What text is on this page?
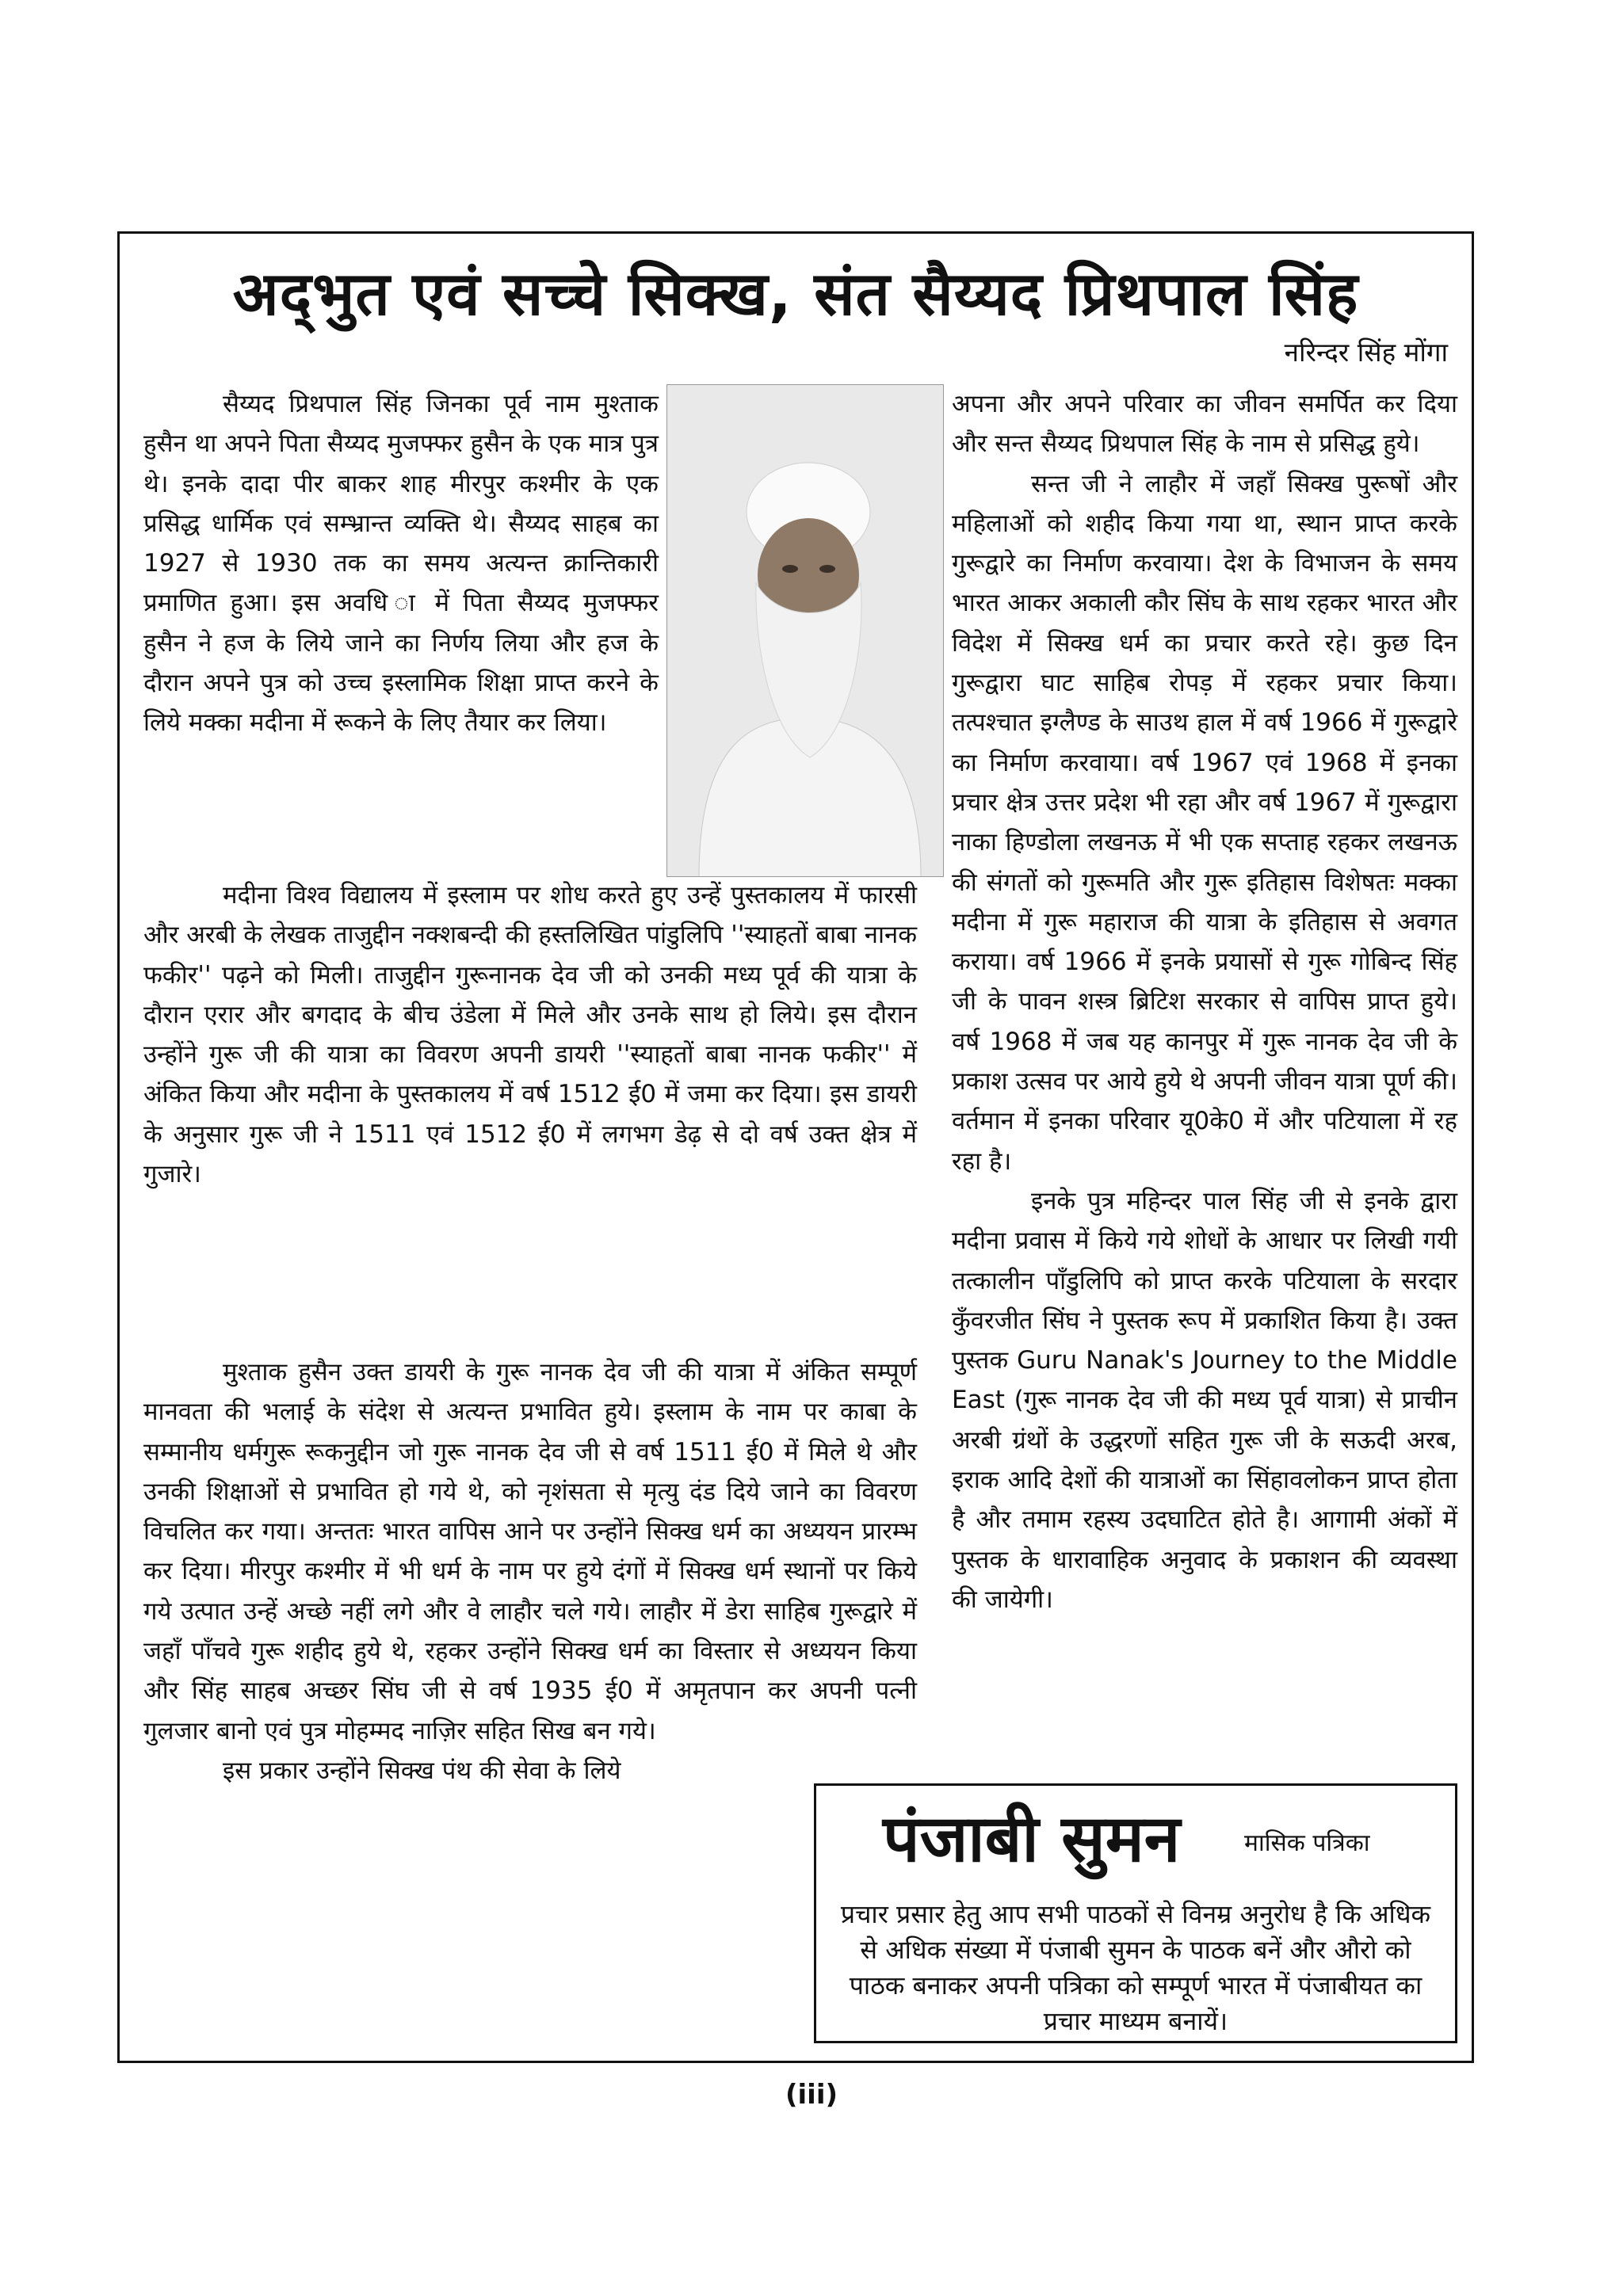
अद्‍भुत एवं सच्चे सिक्ख, संत सैय्यद प्रिथपाल सिंह

नरिन्दर सिंह मोंगा

सैय्यद प्रिथपाल सिंह जिनका पूर्व नाम मुश्ताक हुसैन था अपने पिता सैय्यद मुजफ्फर हुसैन के एक मात्र पुत्र थे। इनके दादा पीर बाकर शाह मीरपुर कश्मीर के एक प्रसिद्ध धार्मिक एवं सम्भ्रान्त व्यक्ति थे। सैय्यद साहब का 1927 से 1930 तक का समय अत्यन्त क्रान्तिकारी प्रमाणित हुआ। इस अवधि ा में पिता सैय्यद मुजफ्फर हुसैन ने हज के लिये जाने का निर्णय लिया और हज के दौरान अपने पुत्र को उच्च इस्लामिक शिक्षा प्राप्त करने के लिये मक्का मदीना में रूकने के लिए तैयार कर लिया।

मदीना विश्व विद्यालय में इस्लाम पर शोध करते हुए उन्हें पुस्तकालय में फारसी और अरबी के लेखक ताजुद्दीन नक्शबन्दी की हस्तलिखित पांडुलिपि ''स्याहतों बाबा नानक फकीर'' पढ़ने को मिली। ताजुद्दीन गुरूनानक देव जी को उनकी मध्य पूर्व की यात्रा के दौरान एरार और बगदाद के बीच उंडेला में मिले और उनके साथ हो लिये। इस दौरान उन्होंने गुरू जी की यात्रा का विवरण अपनी डायरी ''स्याहतों बाबा नानक फकीर'' में अंकित किया और मदीना के पुस्तकालय में वर्ष 1512 ई0 में जमा कर दिया। इस डायरी के अनुसार गुरू जी ने 1511 एवं 1512 ई0 में लगभग डेढ़ से दो वर्ष उक्त क्षेत्र में गुजारे।

मुश्ताक हुसैन उक्त डायरी के गुरू नानक देव जी की यात्रा में अंकित सम्पूर्ण मानवता की भलाई के संदेश से अत्यन्त प्रभावित हुये। इस्लाम के नाम पर काबा के सम्मानीय धर्मगुरू रूकनुद्दीन जो गुरू नानक देव जी से वर्ष 1511 ई0 में मिले थे और उनकी शिक्षाओं से प्रभावित हो गये थे, को नृशंसता से मृत्यु दंड दिये जाने का विवरण विचलित कर गया। अन्ततः भारत वापिस आने पर उन्होंने सिक्ख धर्म का अध्ययन प्रारम्भ कर दिया। मीरपुर कश्मीर में भी धर्म के नाम पर हुये दंगों में सिक्ख धर्म स्थानों पर किये गये उत्पात उन्हें अच्छे नहीं लगे और वे लाहौर चले गये। लाहौर में डेरा साहिब गुरूद्वारे में जहाँ पाँचवे गुरू शहीद हुये थे, रहकर उन्होंने सिक्ख धर्म का विस्तार से अध्ययन किया और सिंह साहब अच्छर सिंघ जी से वर्ष 1935 ई0 में अमृतपान कर अपनी पत्नी गुलजार बानो एवं पुत्र मोहम्मद नाज़िर सहित सिख बन गये।

इस प्रकार उन्होंने सिक्ख पंथ की सेवा के लिये

अपना और अपने परिवार का जीवन समर्पित कर दिया और सन्त सैय्यद प्रिथपाल सिंह के नाम से प्रसिद्ध हुये।

सन्त जी ने लाहौर में जहाँ सिक्ख पुरूषों और महिलाओं को शहीद किया गया था, स्थान प्राप्त करके गुरूद्वारे का निर्माण करवाया। देश के विभाजन के समय भारत आकर अकाली कौर सिंघ के साथ रहकर भारत और विदेश में सिक्ख धर्म का प्रचार करते रहे। कुछ दिन गुरूद्वारा घाट साहिब रोपड़ में रहकर प्रचार किया। तत्पश्चात इग्लैण्ड के साउथ हाल में वर्ष 1966 में गुरूद्वारे का निर्माण करवाया। वर्ष 1967 एवं 1968 में इनका प्रचार क्षेत्र उत्तर प्रदेश भी रहा और वर्ष 1967 में गुरूद्वारा नाका हिण्डोला लखनऊ में भी एक सप्ताह रहकर लखनऊ की संगतों को गुरूमति और गुरू इतिहास विशेषतः मक्का मदीना में गुरू महाराज की यात्रा के इतिहास से अवगत कराया। वर्ष 1966 में इनके प्रयासों से गुरू गोबिन्द सिंह जी के पावन शस्त्र ब्रिटिश सरकार से वापिस प्राप्त हुये। वर्ष 1968 में जब यह कानपुर में गुरू नानक देव जी के प्रकाश उत्सव पर आये हुये थे अपनी जीवन यात्रा पूर्ण की। वर्तमान में इनका परिवार यू0के0 में और पटियाला में रह रहा है।

इनके पुत्र महिन्दर पाल सिंह जी से इनके द्वारा मदीना प्रवास में किये गये शोधों के आधार पर लिखी गयी तत्कालीन पाँडुलिपि को प्राप्त करके पटियाला के सरदार कुँवरजीत सिंघ ने पुस्तक रूप में प्रकाशित किया है। उक्त पुस्तक Guru Nanak's Journey to the Middle East (गुरू नानक देव जी की मध्य पूर्व यात्रा) से प्राचीन अरबी ग्रंथों के उद्धरणों सहित गुरू जी के सऊदी अरब, इराक आदि देशों की यात्राओं का सिंहावलोकन प्राप्त होता है और तमाम रहस्य उदघाटित होते है। आगामी अंकों में पुस्तक के धारावाहिक अनुवाद के प्रकाशन की व्यवस्था की जायेगी।

पंजाबी सुमन	मासिक पत्रिका

प्रचार प्रसार हेतु आप सभी पाठकों से विनम्र अनुरोध है कि अधिक से अधिक संख्या में पंजाबी सुमन के पाठक बनें और औरो को पाठक बनाकर अपनी पत्रिका को सम्पूर्ण भारत में पंजाबीयत का प्रचार माध्यम बनायें।

(iii)
